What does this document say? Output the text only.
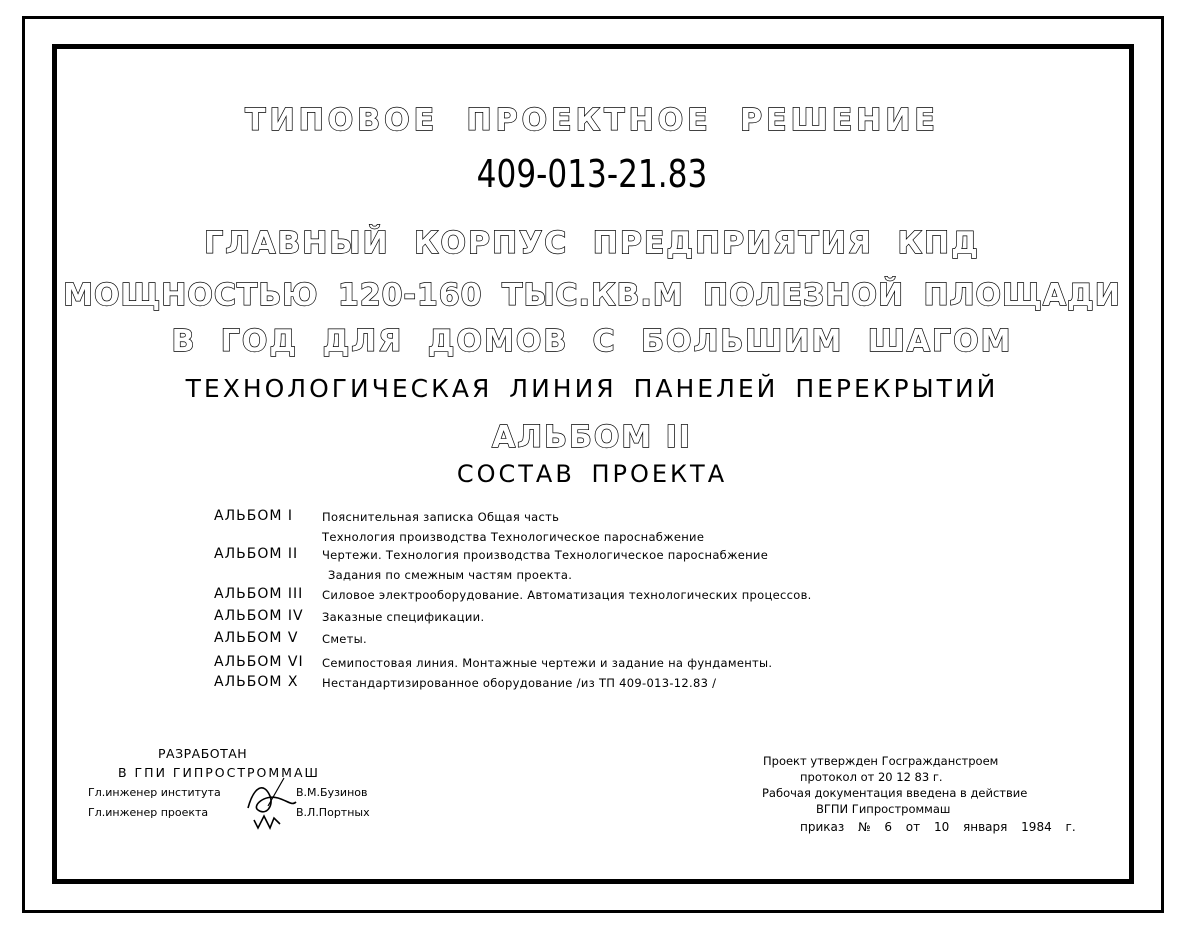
ТИПОВОЕ ПРОЕКТНОЕ РЕШЕНИЕ
409-013-21.83
ГЛАВНЫЙ КОРПУС ПРЕДПРИЯТИЯ КПД
МОЩНОСТЬЮ 120-160 ТЫС.КВ.М ПОЛЕЗНОЙ ПЛОЩАДИ
В ГОД ДЛЯ ДОМОВ С БОЛЬШИМ ШАГОМ
ТЕХНОЛОГИЧЕСКАЯ ЛИНИЯ ПАНЕЛЕЙ ПЕРЕКРЫТИЙ
АЛЬБОМ II
СОСТАВ ПРОЕКТА
АЛЬБОМ I	Пояснительная записка Общая часть
Технология производства Технологическое пароснабжение
АЛЬБОМ II Чертежи. Технология производства Технологическое пароснабжение
Задания по смежным частям проекта.
АЛЬБОМ III Силовое электрооборудование. Автоматизация технологических процессов.
АЛЬБОМ IV Заказные спецификации.
АЛЬБОМ V Сметы.
АЛЬБОМ VI Семипостовая линия. Монтажные чертежи и задание на фундаменты.
АЛЬБОМ X Нестандартизированное оборудование /из ТП 409-013-12.83 /
РАЗРАБОТАН
В ГПИ ГИПРОСТРОММАШ
Гл.инженер института	В.М.Бузинов
Гл.инженер проекта	В.Л.Портных
Проект утвержден Госгражданстроем
протокол от 20 12 83 г.
Рабочая документация введена в действие
ВГПИ Гипростроммаш
приказ № 6 от 10 января 1984 г.
